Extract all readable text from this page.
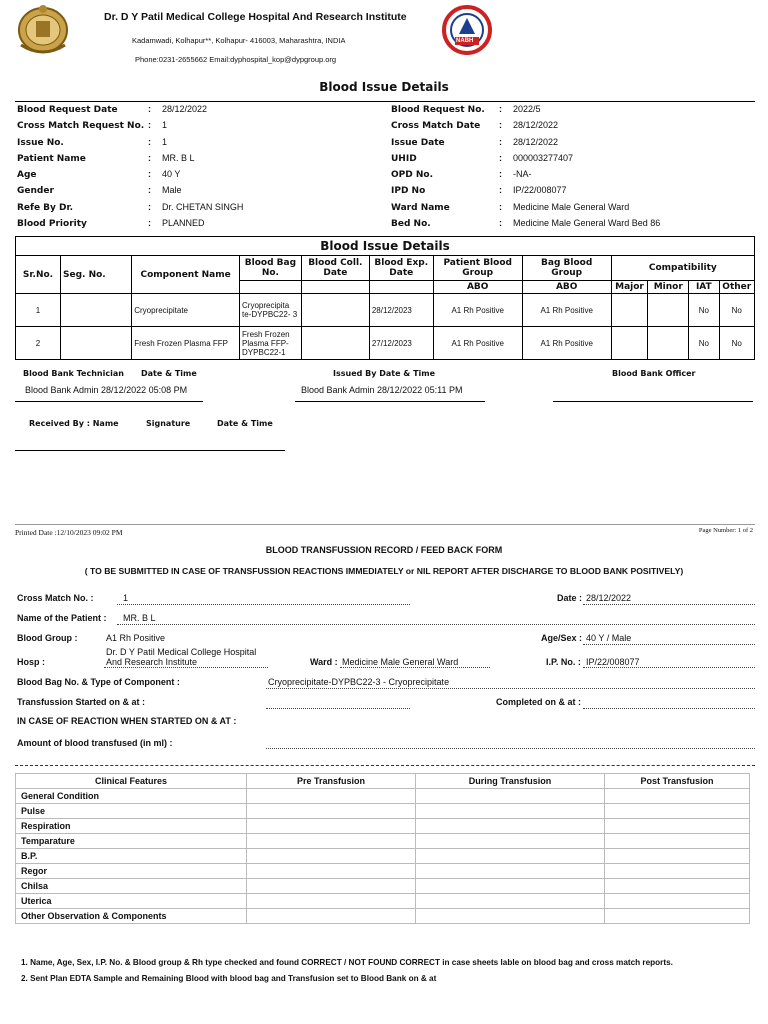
Dr. D Y Patil Medical College Hospital And Research Institute
Kadamwadi, Kolhapur**, Kolhapur- 416003, Maharashtra, INDIA
Phone:0231-2655662 Email:dyphospital_kop@dypgroup.org
NABH
Blood Issue Details
Blood Request Date	: 28/12/2022
Cross Match Request No. : 1
Issue No.	: 1
Patient Name	: MR. B L
Age	: 40 Y
Gender	: Male
Refe By Dr.	: Dr. CHETAN SINGH
Blood Priority	: PLANNED
Blood Request No. : 2022/5
Cross Match Date : 28/12/2022
Issue Date	: 28/12/2022
UHID	: 000003277407
OPD No.	: -NA-
IPD No	: IP/22/008077
Ward Name	: Medicine Male General Ward
Bed No.	: Medicine Male General Ward Bed 86
Blood Issue Details											
Sr.No.	Seg. No.	Component Name	Blood Bag No.	Blood Coll. Date	Blood Exp. Date	Patient Blood Group	Bag Blood Group	Compatibility			
						ABO	ABO	Major	Minor	IAT	Other
1		Cryoprecipitate	Cryoprecipita te-DYPBC22- 3		28/12/2023	A1 Rh Positive	A1 Rh Positive			No	No
2		Fresh Frozen Plasma FFP	Fresh Frozen Plasma FFP- DYPBC22-1		27/12/2023	A1 Rh Positive	A1 Rh Positive			No	No
Blood Bank Technician Date & Time
Blood Bank Admin 28/12/2022 05:08 PM
Issued By Date & Time
Blood Bank Admin 28/12/2022 05:11 PM
Blood Bank Officer
Received By : Name	Signature	Date & Time
Printed Date :12/10/2023 09:02 PM	Page Number: 1 of 2
BLOOD TRANSFUSSION RECORD / FEED BACK FORM
( TO BE SUBMITTED IN CASE OF TRANSFUSSION REACTIONS IMMEDIATELY or NIL REPORT AFTER DISCHARGE TO BLOOD BANK POSITIVELY)
Cross Match No. :	1	Date : 28/12/2022
Name of the Patient : MR. B L
Blood Group :	A1 Rh Positive	Age/Sex : 40 Y / Male
Hosp :
Dr. D Y Patil Medical College Hospital
And Research Institute	Ward : Medicine Male General Ward	I.P. No. : IP/22/008077
Blood Bag No. & Type of Component :	Cryoprecipitate-DYPBC22-3 - Cryoprecipitate
Transfussion Started on & at :	Completed on & at :
IN CASE OF REACTION WHEN STARTED ON & AT :
Amount of blood transfused (in ml) :
Clinical Features	Pre Transfusion	During Transfusion	Post Transfusion
General Condition			
Pulse			
Respiration			
Temparature			
B.P.			
Regor			
Chilsa			
Uterica			
Other Observation & Components			
1. Name, Age, Sex, I.P. No. & Blood group & Rh type checked and found CORRECT / NOT FOUND CORRECT in case sheets lable on blood bag and cross match reports.
2. Sent Plan EDTA Sample and Remaining Blood with blood bag and Transfusion set to Blood Bank on & at
